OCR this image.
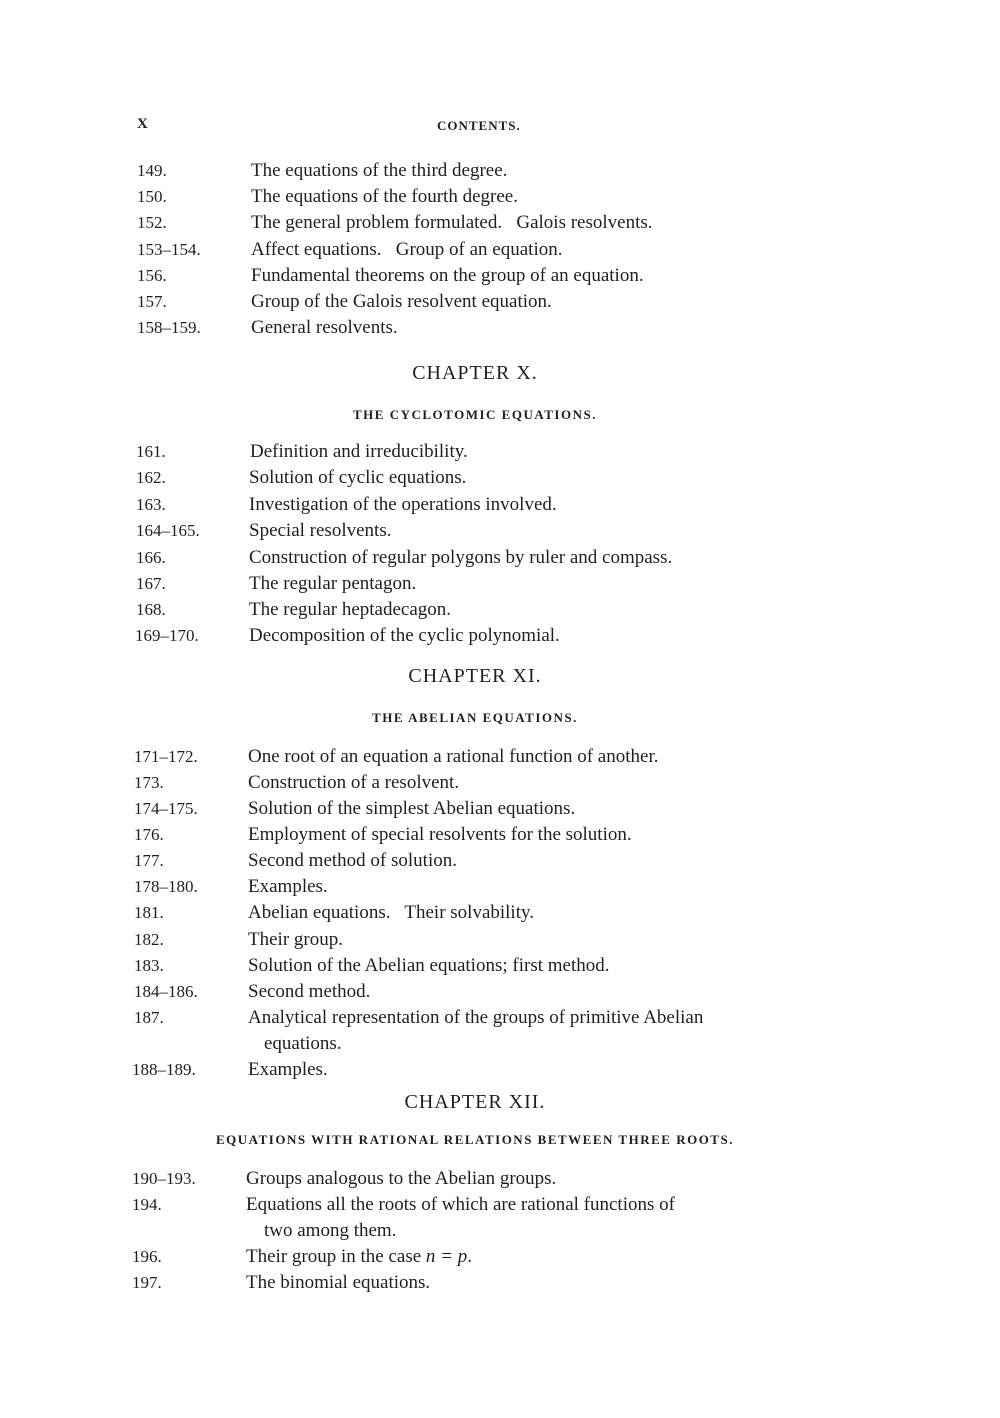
X	CONTENTS.
149.	The equations of the third degree.
150.	The equations of the fourth degree.
152.	The general problem formulated.   Galois resolvents.
153–154.	Affect equations.   Group of an equation.
156.	Fundamental theorems on the group of an equation.
157.	Group of the Galois resolvent equation.
158–159.	General resolvents.
CHAPTER X.
THE CYCLOTOMIC EQUATIONS.
161.	Definition and irreducibility.
162.	Solution of cyclic equations.
163.	Investigation of the operations involved.
164–165.	Special resolvents.
166.	Construction of regular polygons by ruler and compass.
167.	The regular pentagon.
168.	The regular heptadecagon.
169–170.	Decomposition of the cyclic polynomial.
CHAPTER XI.
THE ABELIAN EQUATIONS.
171–172.	One root of an equation a rational function of another.
173.	Construction of a resolvent.
174–175.	Solution of the simplest Abelian equations.
176.	Employment of special resolvents for the solution.
177.	Second method of solution.
178–180.	Examples.
181.	Abelian equations.   Their solvability.
182.	Their group.
183.	Solution of the Abelian equations; first method.
184–186.	Second method.
187.	Analytical representation of the groups of primitive Abelian
equations.
188–189.	Examples.
CHAPTER XII.
EQUATIONS WITH RATIONAL RELATIONS BETWEEN THREE ROOTS.
190–193.	Groups analogous to the Abelian groups.
194.	Equations all the roots of which are rational functions of
two among them.
196.	Their group in the case n = p.
197.	The binomial equations.
